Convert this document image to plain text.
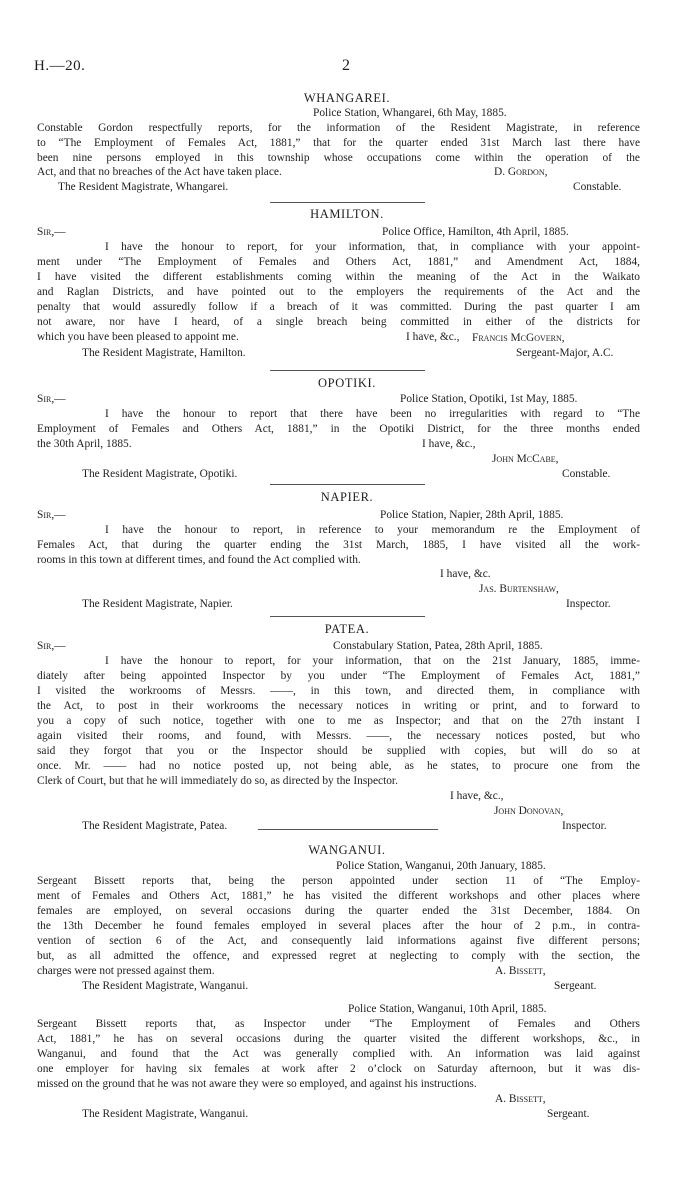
H.—20.	2
WHANGAREI.
Police Station, Whangarei, 6th May, 1885.
Constable Gordon respectfully reports, for the information of the Resident Magistrate, in reference
to “The Employment of Females Act, 1881,” that for the quarter ended 31st March last there have
been nine persons employed in this township whose occupations come within the operation of the
Act, and that no breaches of the Act have taken place.	D. Gordon,
The Resident Magistrate, Whangarei.	Constable.
HAMILTON.
Sir,—	Police Office, Hamilton, 4th April, 1885.
I have the honour to report, for your information, that, in compliance with your appoint-
ment under “The Employment of Females and Others Act, 1881,” and Amendment Act, 1884,
I have visited the different establishments coming within the meaning of the Act in the Waikato
and Raglan Districts, and have pointed out to the employers the requirements of the Act and the
penalty that would assuredly follow if a breach of it was committed. During the past quarter I am
not aware, nor have I heard, of a single breach being committed in either of the districts for
which you have been pleased to appoint me.	I have, &c., Francis McGovern,
The Resident Magistrate, Hamilton.	Sergeant-Major, A.C.
OPOTIKI.
Sir,—	Police Station, Opotiki, 1st May, 1885.
I have the honour to report that there have been no irregularities with regard to “The
Employment of Females and Others Act, 1881,” in the Opotiki District, for the three months ended
the 30th April, 1885.	I have, &c.,
John McCabe,
The Resident Magistrate, Opotiki.	Constable.
NAPIER.
Sir,—	Police Station, Napier, 28th April, 1885.
I have the honour to report, in reference to your memorandum re the Employment of
Females Act, that during the quarter ending the 31st March, 1885, I have visited all the work-
rooms in this town at different times, and found the Act complied with.
I have, &c.
Jas. Burtenshaw,
The Resident Magistrate, Napier.	Inspector.
PATEA.
Sir,—	Constabulary Station, Patea, 28th April, 1885.
I have the honour to report, for your information, that on the 21st January, 1885, imme-
diately after being appointed Inspector by you under “The Employment of Females Act, 1881,”
I visited the workrooms of Messrs. ——, in this town, and directed them, in compliance with
the Act, to post in their workrooms the necessary notices in writing or print, and to forward to
you a copy of such notice, together with one to me as Inspector; and that on the 27th instant I
again visited their rooms, and found, with Messrs. ——, the necessary notices posted, but who
said they forgot that you or the Inspector should be supplied with copies, but will do so at
once. Mr. —— had no notice posted up, not being able, as he states, to procure one from the
Clerk of Court, but that he will immediately do so, as directed by the Inspector.
I have, &c.,
John Donovan,
The Resident Magistrate, Patea.	Inspector.
WANGANUI.
Police Station, Wanganui, 20th January, 1885.
Sergeant Bissett reports that, being the person appointed under section 11 of “The Employ-
ment of Females and Others Act, 1881,” he has visited the different workshops and other places where
females are employed, on several occasions during the quarter ended the 31st December, 1884. On
the 13th December he found females employed in several places after the hour of 2 p.m., in contra-
vention of section 6 of the Act, and consequently laid informations against five different persons;
but, as all admitted the offence, and expressed regret at neglecting to comply with the section, the
charges were not pressed against them.	A. Bissett,
The Resident Magistrate, Wanganui.	Sergeant.
Police Station, Wanganui, 10th April, 1885.
Sergeant Bissett reports that, as Inspector under “The Employment of Females and Others
Act, 1881,” he has on several occasions during the quarter visited the different workshops, &c., in
Wanganui, and found that the Act was generally complied with. An information was laid against
one employer for having six females at work after 2 o’clock on Saturday afternoon, but it was dis-
missed on the ground that he was not aware they were so employed, and against his instructions.
A. Bissett,
The Resident Magistrate, Wanganui.	Sergeant.
